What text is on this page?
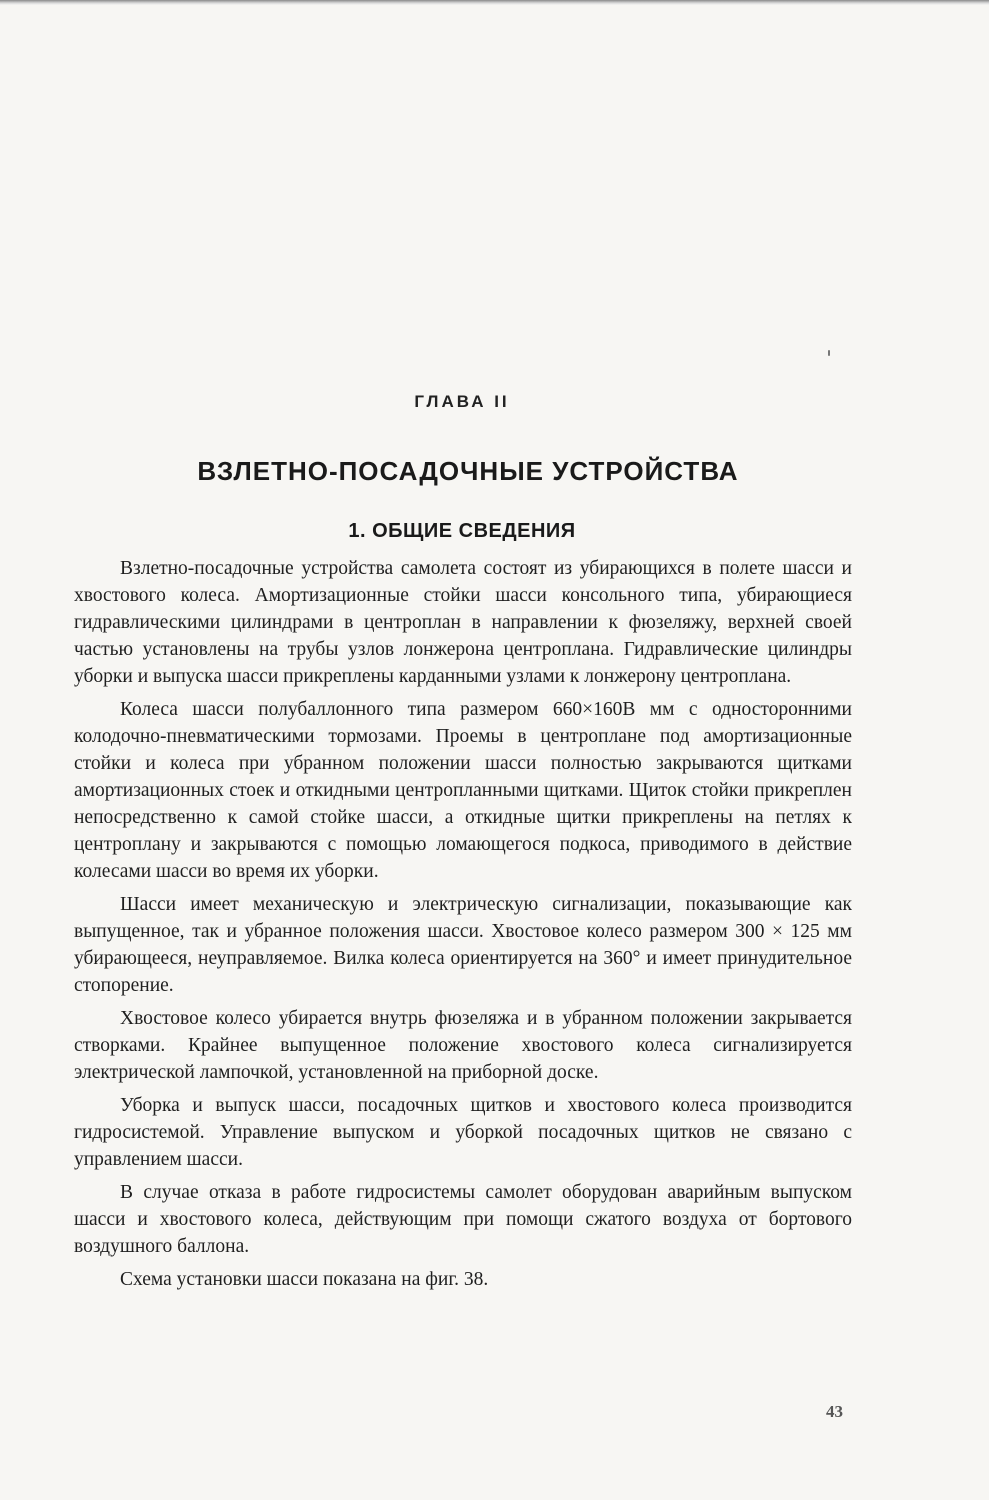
ГЛАВА II
ВЗЛЕТНО-ПОСАДОЧНЫЕ УСТРОЙСТВА
1. ОБЩИЕ СВЕДЕНИЯ

Взлетно-посадочные устройства самолета состоят из убирающихся в полете шасси и хвостового колеса. Амортизационные стойки шасси консольного типа, убирающиеся гидравлическими цилиндрами в центроплан в направлении к фюзеляжу, верхней своей частью установлены на трубы узлов лонжерона центроплана. Гидравлические цилиндры уборки и выпуска шасси прикреплены карданными узлами к лонжерону центроплана.

Колеса шасси полубаллонного типа размером 660×160В мм с односторонними колодочно-пневматическими тормозами. Проемы в центроплане под амортизационные стойки и колеса при убранном положении шасси полностью закрываются щитками амортизационных стоек и откидными центропланными щитками. Щиток стойки прикреплен непосредственно к самой стойке шасси, а откидные щитки прикреплены на петлях к центроплану и закрываются с помощью ломающегося подкоса, приводимого в действие колесами шасси во время их уборки.

Шасси имеет механическую и электрическую сигнализации, показывающие как выпущенное, так и убранное положения шасси. Хвостовое колесо размером 300 × 125 мм убирающееся, неуправляемое. Вилка колеса ориентируется на 360° и имеет принудительное стопорение.

Хвостовое колесо убирается внутрь фюзеляжа и в убранном положении закрывается створками. Крайнее выпущенное положение хвостового колеса сигнализируется электрической лампочкой, установленной на приборной доске.

Уборка и выпуск шасси, посадочных щитков и хвостового колеса производится гидросистемой. Управление выпуском и уборкой посадочных щитков не связано с управлением шасси.

В случае отказа в работе гидросистемы самолет оборудован аварийным выпуском шасси и хвостового колеса, действующим при помощи сжатого воздуха от бортового воздушного баллона.

Схема установки шасси показана на фиг. 38.

43
